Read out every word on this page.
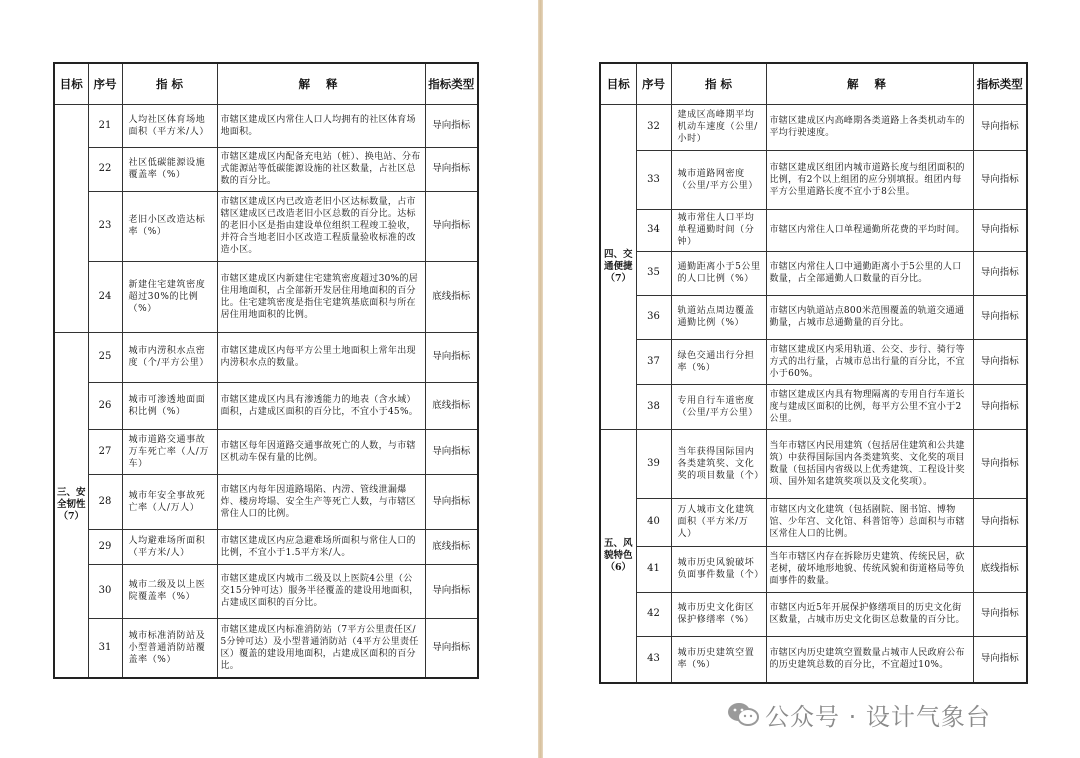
目标	序号	指 标	解 释	指标类型
	21	人均社区体育场地面积（平方米/人）	市辖区建成区内常住人口人均拥有的社区体育场地面积。	导向指标
	22	社区低碳能源设施覆盖率（%）	市辖区建成区内配备充电站（桩）、换电站、分布式能源站等低碳能源设施的社区数量，占社区总数的百分比。	导向指标
	23	老旧小区改造达标率（%）	市辖区建成区内已改造老旧小区达标数量，占市辖区建成区已改造老旧小区总数的百分比。达标的老旧小区是指由建设单位组织工程竣工验收，并符合当地老旧小区改造工程质量验收标准的改造小区。	导向指标
	24	新建住宅建筑密度超过30%的比例（%）	市辖区建成区内新建住宅建筑密度超过30%的居住用地面积，占全部新开发居住用地面积的百分比。住宅建筑密度是指住宅建筑基底面积与所在居住用地面积的比例。	底线指标
三、安全韧性（7）	25	城市内涝积水点密度（个/平方公里）	市辖区建成区内每平方公里土地面积上常年出现内涝积水点的数量。	导向指标
	26	城市可渗透地面面积比例（%）	市辖区建成区内具有渗透能力的地表（含水域）面积，占建成区面积的百分比，不宜小于45%。	底线指标
	27	城市道路交通事故万车死亡率（人/万车）	市辖区每年因道路交通事故死亡的人数，与市辖区机动车保有量的比例。	导向指标
	28	城市年安全事故死亡率（人/万人）	市辖区内每年因道路塌陷、内涝、管线泄漏爆炸、楼房垮塌、安全生产等死亡人数，与市辖区常住人口的比例。	导向指标
	29	人均避难场所面积（平方米/人）	市辖区建成区内应急避难场所面积与常住人口的比例，不宜小于1.5平方米/人。	底线指标
	30	城市二级及以上医院覆盖率（%）	市辖区建成区内城市二级及以上医院4公里（公交15分钟可达）服务半径覆盖的建设用地面积，占建成区面积的百分比。	导向指标
	31	城市标准消防站及小型普通消防站覆盖率（%）	市辖区建成区内标准消防站（7平方公里责任区/5分钟可达）及小型普通消防站（4平方公里责任区）覆盖的建设用地面积，占建成区面积的百分比。	导向指标
目标	序号	指 标	解 释	指标类型
四、交通便捷（7）	32	建成区高峰期平均机动车速度（公里/小时）	市辖区建成区内高峰期各类道路上各类机动车的平均行驶速度。	导向指标
	33	城市道路网密度（公里/平方公里）	市辖区建成区组团内城市道路长度与组团面积的比例，有2个以上组团的应分别填报。组团内每平方公里道路长度不宜小于8公里。	导向指标
	34	城市常住人口平均单程通勤时间（分钟）	市辖区内常住人口单程通勤所花费的平均时间。	导向指标
	35	通勤距离小于5公里的人口比例（%）	市辖区内常住人口中通勤距离小于5公里的人口数量，占全部通勤人口数量的百分比。	导向指标
	36	轨道站点周边覆盖通勤比例（%）	市辖区内轨道站点800米范围覆盖的轨道交通通勤量，占城市总通勤量的百分比。	导向指标
	37	绿色交通出行分担率（%）	市辖区建成区内采用轨道、公交、步行、骑行等方式的出行量，占城市总出行量的百分比，不宜小于60%。	导向指标
	38	专用自行车道密度（公里/平方公里）	市辖区建成区内具有物理隔离的专用自行车道长度与建成区面积的比例，每平方公里不宜小于2公里。	导向指标
五、风貌特色（6）	39	当年获得国际国内各类建筑奖、文化奖的项目数量（个）	当年市辖区内民用建筑（包括居住建筑和公共建筑）中获得国际国内各类建筑奖、文化奖的项目数量（包括国内省级以上优秀建筑、工程设计奖项、国外知名建筑奖项以及文化奖项）。	导向指标
	40	万人城市文化建筑面积（平方米/万人）	市辖区内文化建筑（包括剧院、图书馆、博物馆、少年宫、文化馆、科普馆等）总面积与市辖区常住人口的比例。	导向指标
	41	城市历史风貌破坏负面事件数量（个）	当年市辖区内存在拆除历史建筑、传统民居，砍老树，破坏地形地貌、传统风貌和街道格局等负面事件的数量。	底线指标
	42	城市历史文化街区保护修缮率（%）	市辖区内近5年开展保护修缮项目的历史文化街区数量，占城市历史文化街区总数量的百分比。	导向指标
	43	城市历史建筑空置率（%）	市辖区内历史建筑空置数量占城市人民政府公布的历史建筑总数的百分比，不宜超过10%。	导向指标
公众号 · 设计气象台
